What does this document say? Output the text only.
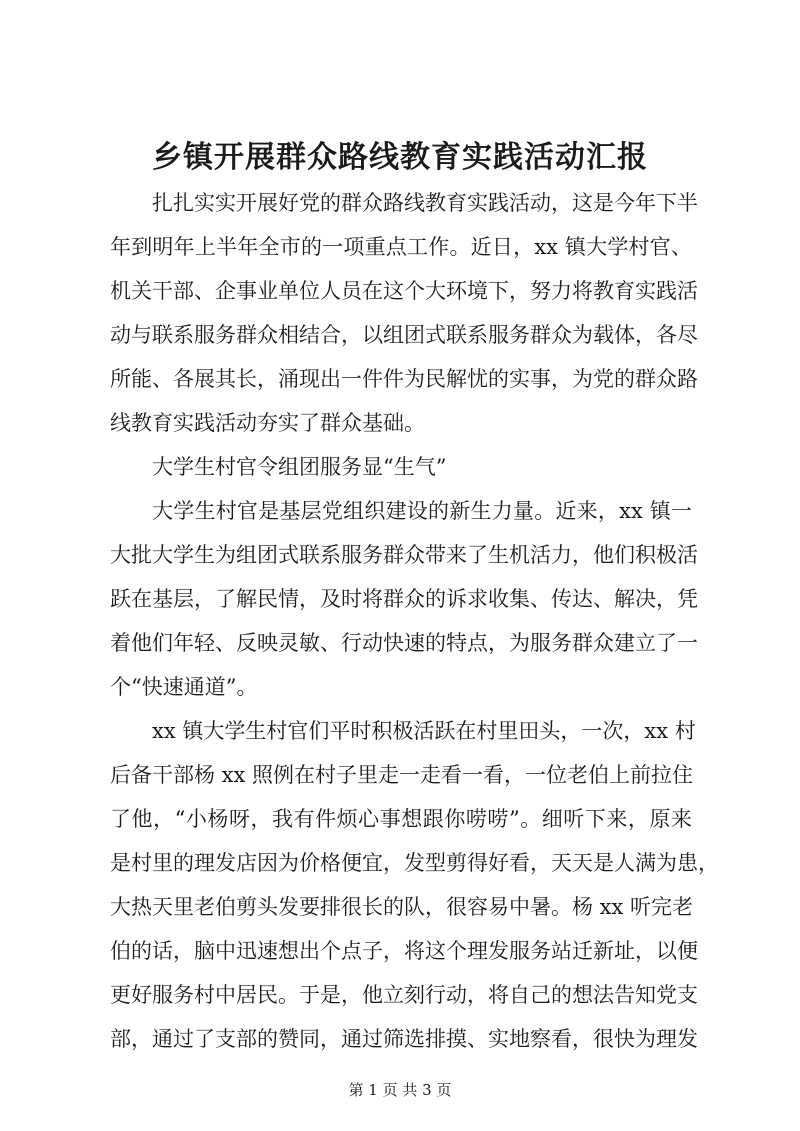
乡镇开展群众路线教育实践活动汇报
扎扎实实开展好党的群众路线教育实践活动，这是今年下半
年到明年上半年全市的一项重点工作。近日，xx 镇大学村官、
机关干部、企事业单位人员在这个大环境下，努力将教育实践活
动与联系服务群众相结合，以组团式联系服务群众为载体，各尽
所能、各展其长，涌现出一件件为民解忧的实事，为党的群众路
线教育实践活动夯实了群众基础。
大学生村官令组团服务显“生气”
大学生村官是基层党组织建设的新生力量。近来，xx 镇一
大批大学生为组团式联系服务群众带来了生机活力，他们积极活
跃在基层，了解民情，及时将群众的诉求收集、传达、解决，凭
着他们年轻、反映灵敏、行动快速的特点，为服务群众建立了一
个“快速通道”。
xx 镇大学生村官们平时积极活跃在村里田头，一次，xx 村
后备干部杨 xx 照例在村子里走一走看一看，一位老伯上前拉住
了他，“小杨呀，我有件烦心事想跟你唠唠”。细听下来，原来
是村里的理发店因为价格便宜，发型剪得好看，天天是人满为患，
大热天里老伯剪头发要排很长的队，很容易中暑。杨 xx 听完老
伯的话，脑中迅速想出个点子，将这个理发服务站迁新址，以便
更好服务村中居民。于是，他立刻行动，将自己的想法告知党支
部，通过了支部的赞同，通过筛选排摸、实地察看，很快为理发
第 1 页 共 3 页
